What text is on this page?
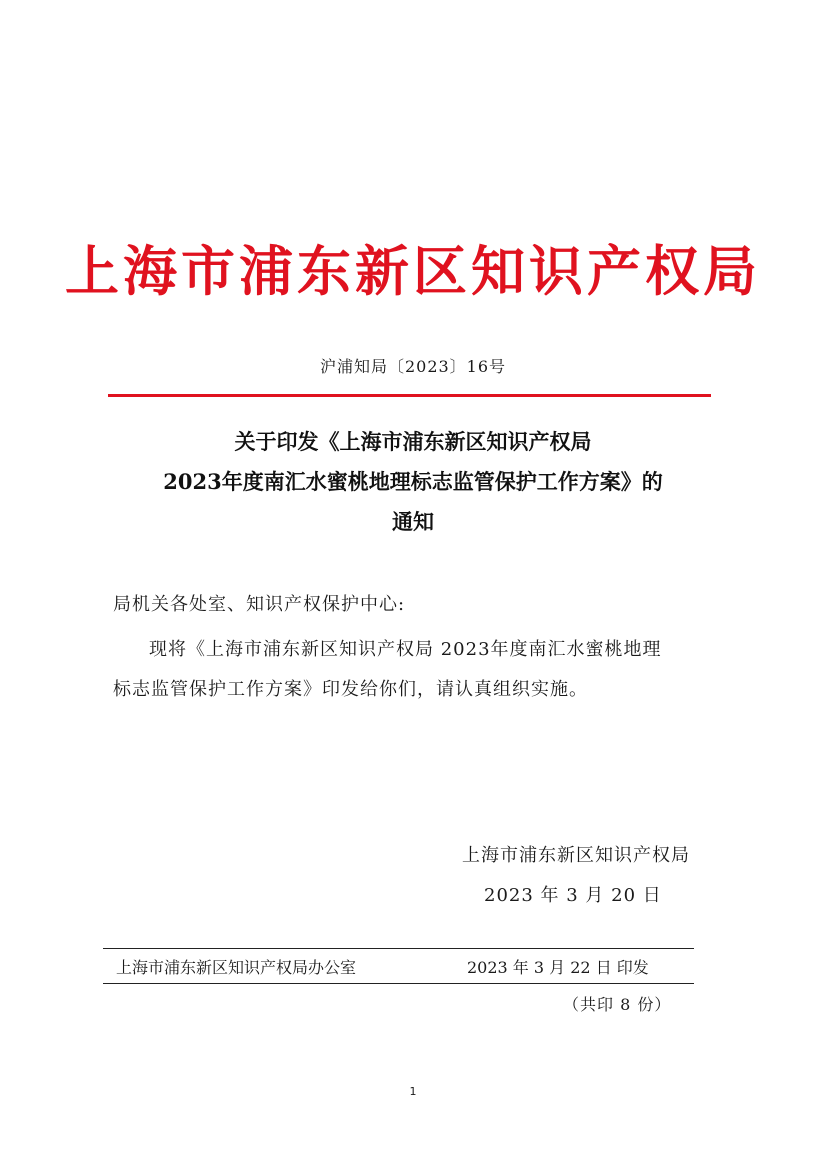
上海市浦东新区知识产权局
沪浦知局〔2023〕16号
关于印发《上海市浦东新区知识产权局
2023年度南汇水蜜桃地理标志监管保护工作方案》的
通知
局机关各处室、知识产权保护中心:
现将《上海市浦东新区知识产权局 2023年度南汇水蜜桃地理
标志监管保护工作方案》印发给你们，请认真组织实施。
上海市浦东新区知识产权局
2023 年 3 月 20 日
上海市浦东新区知识产权局办公室	2023 年 3 月 22 日 印发
（共印 8 份）
1
